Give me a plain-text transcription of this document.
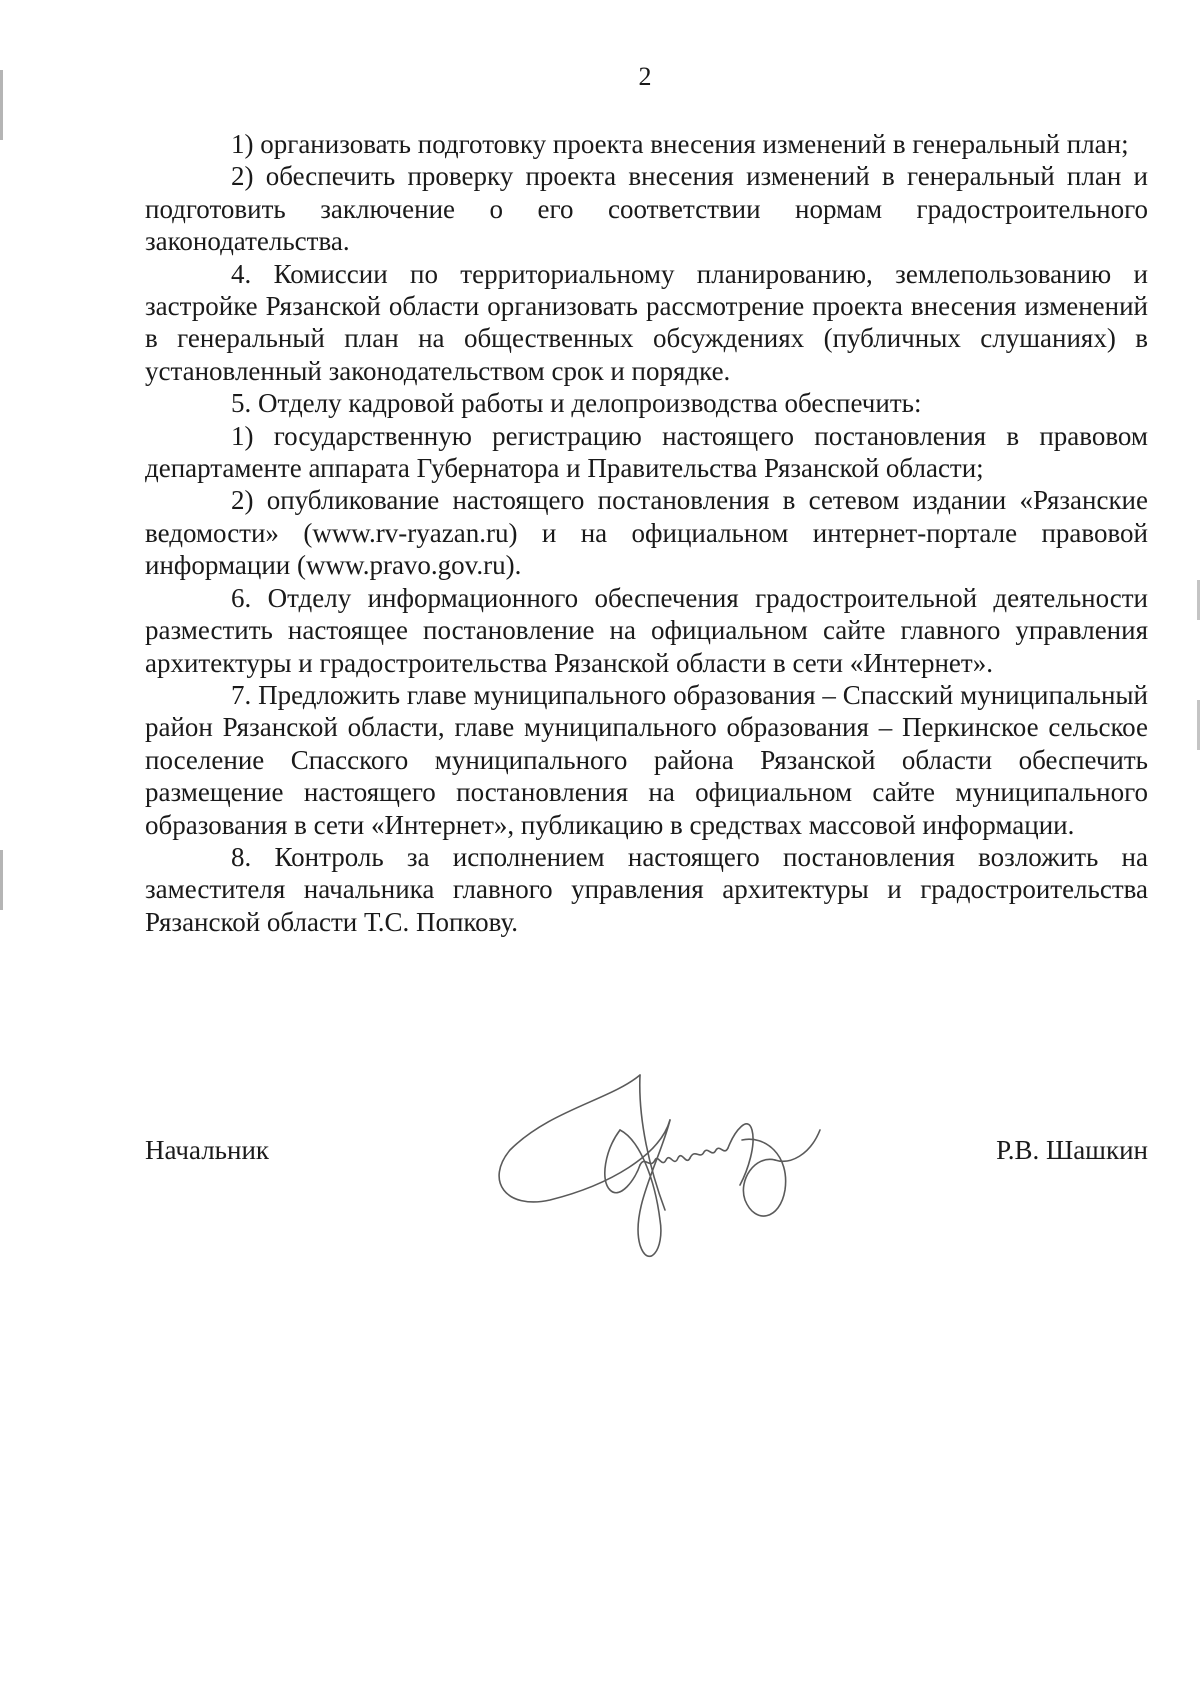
2

1) организовать подготовку проекта внесения изменений в генеральный план;

2) обеспечить проверку проекта внесения изменений в генеральный план и подготовить заключение о его соответствии нормам градостроительного законодательства.

4. Комиссии по территориальному планированию, землепользованию и застройке Рязанской области организовать рассмотрение проекта внесения изменений в генеральный план на общественных обсуждениях (публичных слушаниях) в установленный законодательством срок и порядке.

5. Отделу кадровой работы и делопроизводства обеспечить:

1) государственную регистрацию настоящего постановления в правовом департаменте аппарата Губернатора и Правительства Рязанской области;

2) опубликование настоящего постановления в сетевом издании «Рязанские ведомости» (www.rv-ryazan.ru) и на официальном интернет-портале правовой информации (www.pravo.gov.ru).

6. Отделу информационного обеспечения градостроительной деятельности разместить настоящее постановление на официальном сайте главного управления архитектуры и градостроительства Рязанской области в сети «Интернет».

7. Предложить главе муниципального образования – Спасский муниципальный район Рязанской области, главе муниципального образования – Перкинское сельское поселение Спасского муниципального района Рязанской области обеспечить размещение настоящего постановления на официальном сайте муниципального образования в сети «Интернет», публикацию в средствах массовой информации.

8. Контроль за исполнением настоящего постановления возложить на заместителя начальника главного управления архитектуры и градостроительства Рязанской области Т.С. Попкову.

Начальник	Р.В. Шашкин
